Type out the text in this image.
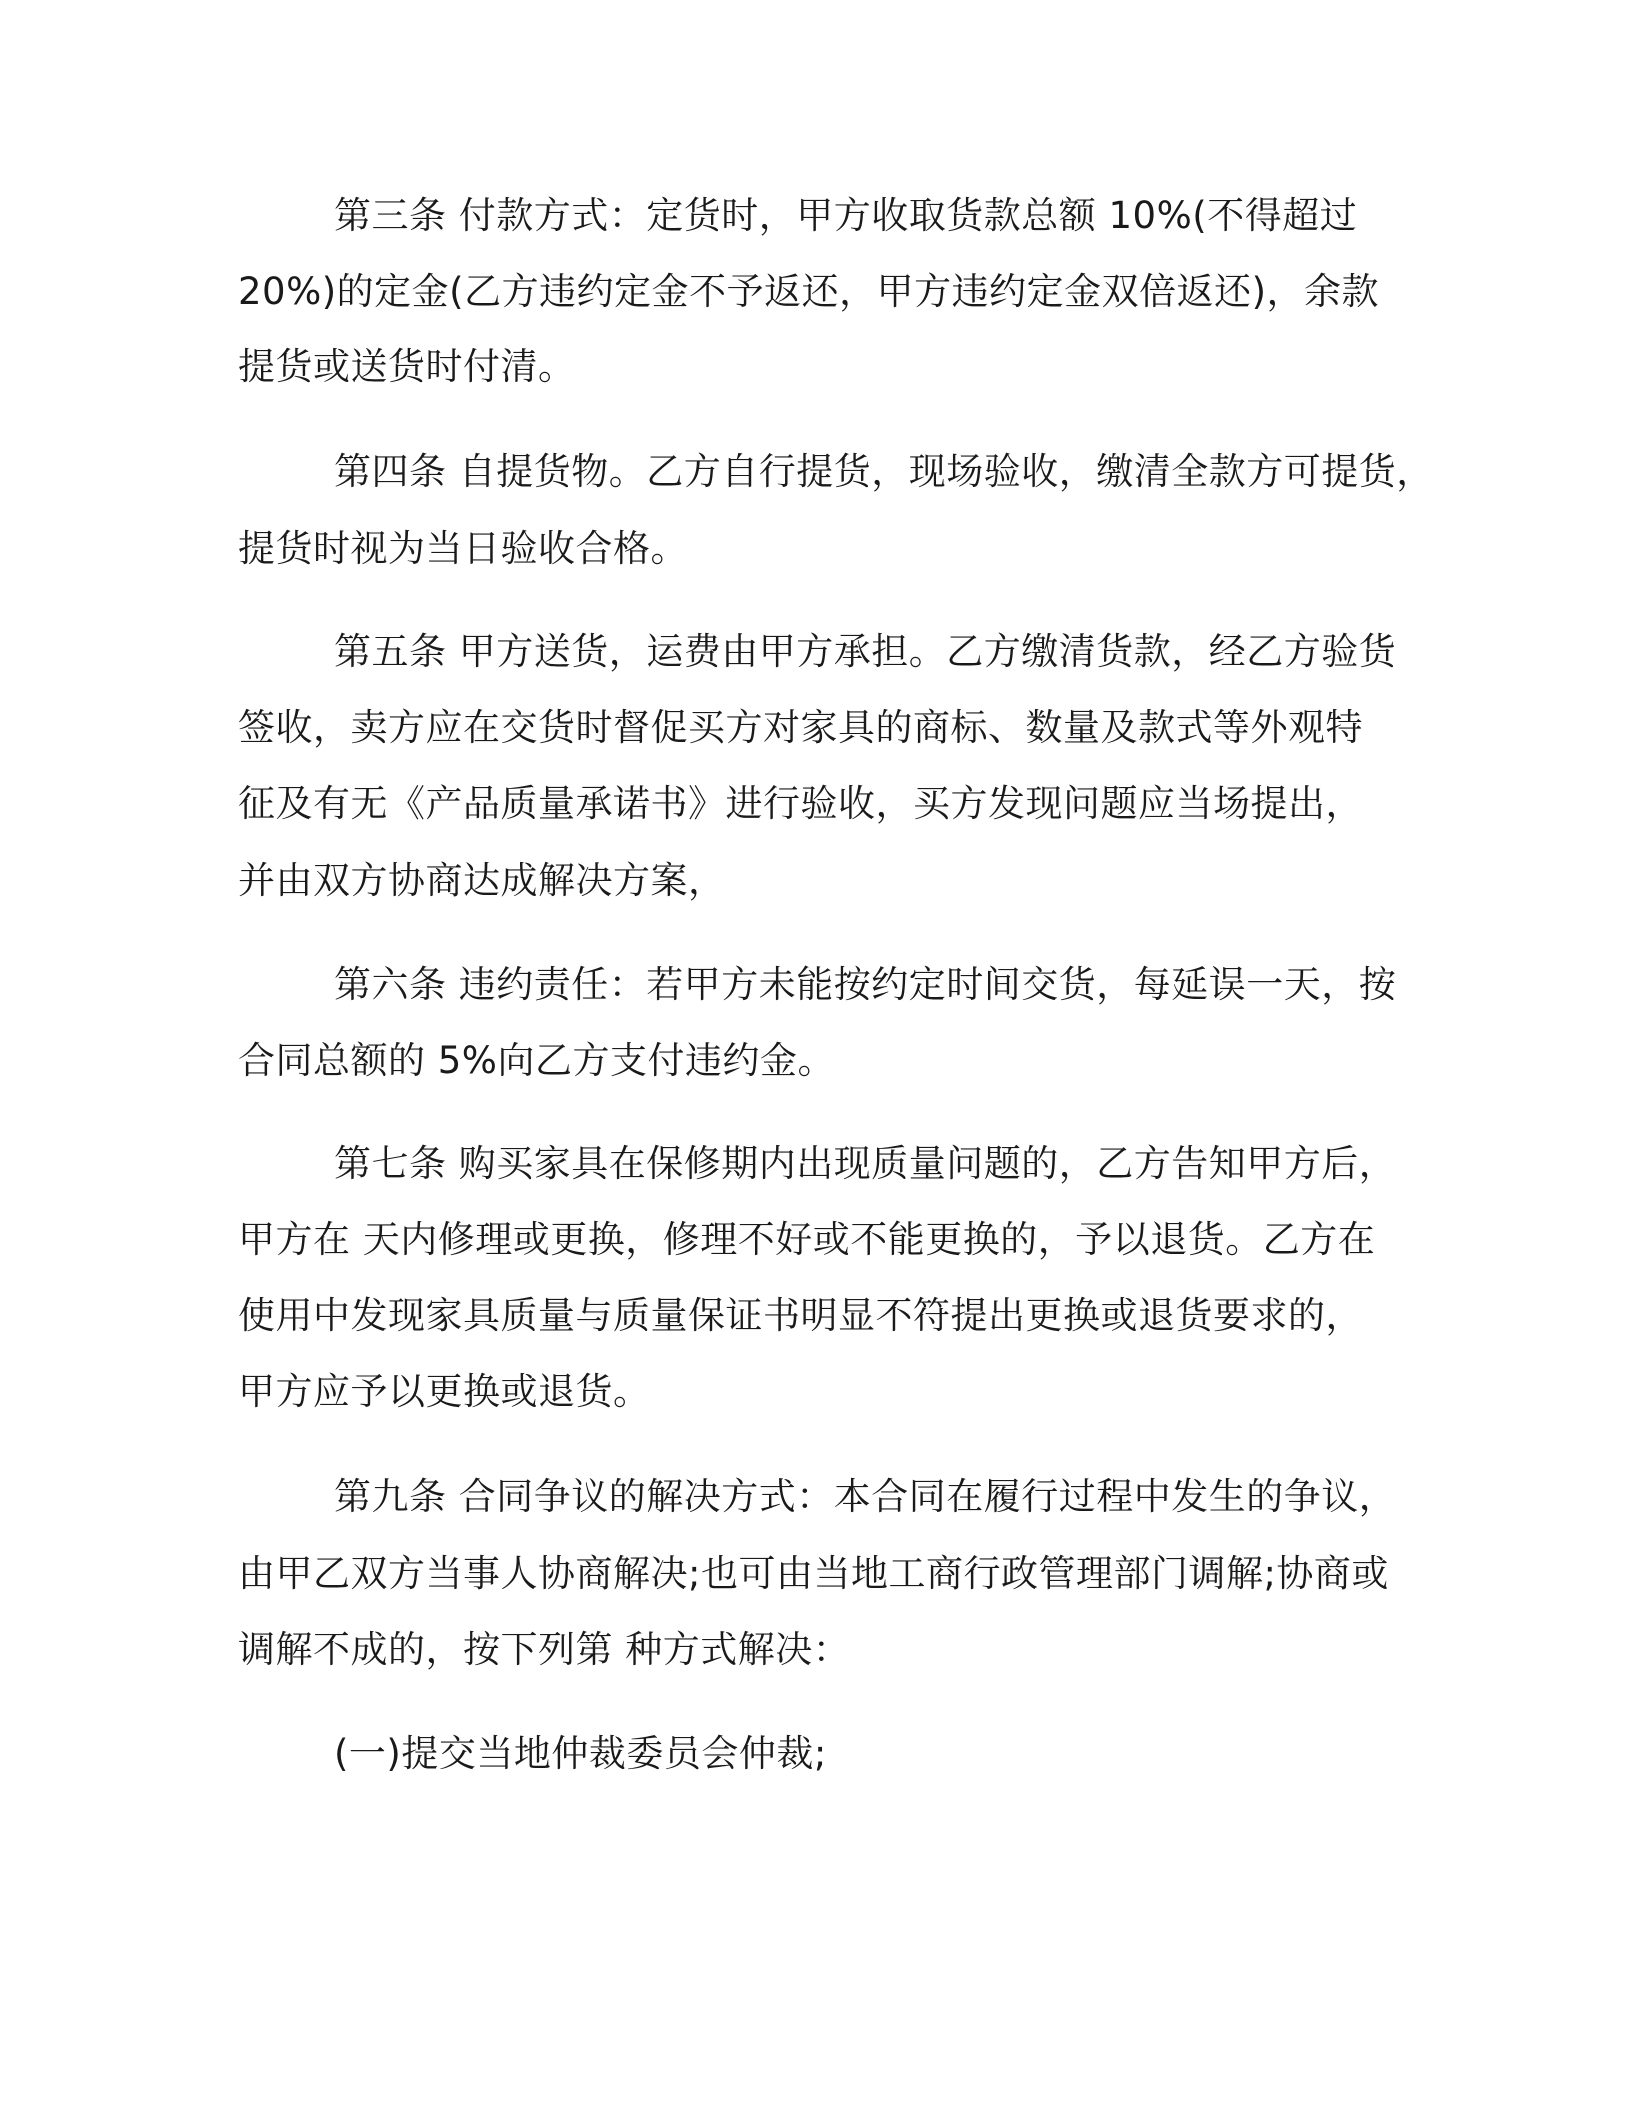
第三条 付款方式：定货时，甲方收取货款总额 10%(不得超过
20%)的定金(乙方违约定金不予返还，甲方违约定金双倍返还)，余款
提货或送货时付清。
第四条 自提货物。乙方自行提货，现场验收，缴清全款方可提货，
提货时视为当日验收合格。
第五条 甲方送货，运费由甲方承担。乙方缴清货款，经乙方验货
签收，卖方应在交货时督促买方对家具的商标、数量及款式等外观特
征及有无《产品质量承诺书》进行验收，买方发现问题应当场提出，
并由双方协商达成解决方案，
第六条 违约责任：若甲方未能按约定时间交货，每延误一天，按
合同总额的 5%向乙方支付违约金。
第七条 购买家具在保修期内出现质量问题的，乙方告知甲方后，
甲方在 天内修理或更换，修理不好或不能更换的，予以退货。乙方在
使用中发现家具质量与质量保证书明显不符提出更换或退货要求的，
甲方应予以更换或退货。
第九条 合同争议的解决方式：本合同在履行过程中发生的争议，
由甲乙双方当事人协商解决;也可由当地工商行政管理部门调解;协商或
调解不成的，按下列第 种方式解决：
(一)提交当地仲裁委员会仲裁;
